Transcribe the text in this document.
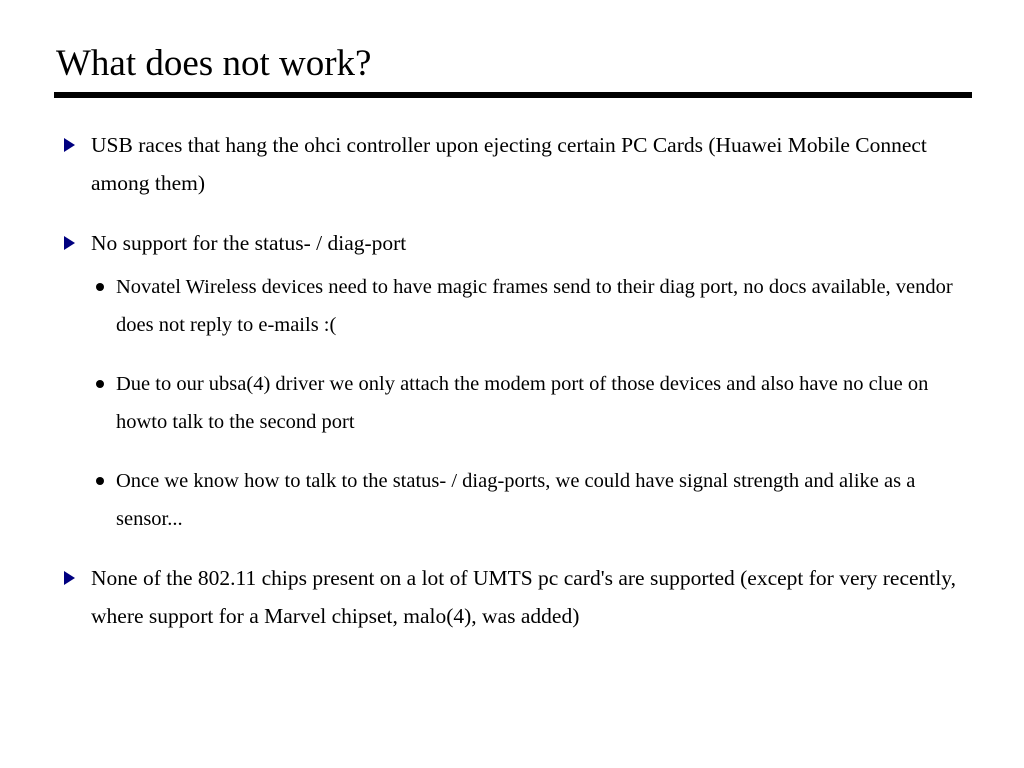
What does not work?
USB races that hang the ohci controller upon ejecting certain PC Cards (Huawei Mobile Connect among them)
No support for the status- / diag-port
Novatel Wireless devices need to have magic frames send to their diag port, no docs available, vendor does not reply to e-mails :(
Due to our ubsa(4) driver we only attach the modem port of those devices and also have no clue on howto talk to the second port
Once we know how to talk to the status- / diag-ports, we could have signal strength and alike as a sensor...
None of the 802.11 chips present on a lot of UMTS pc card's are supported (except for very recently, where support for a Marvel chipset, malo(4), was added)
